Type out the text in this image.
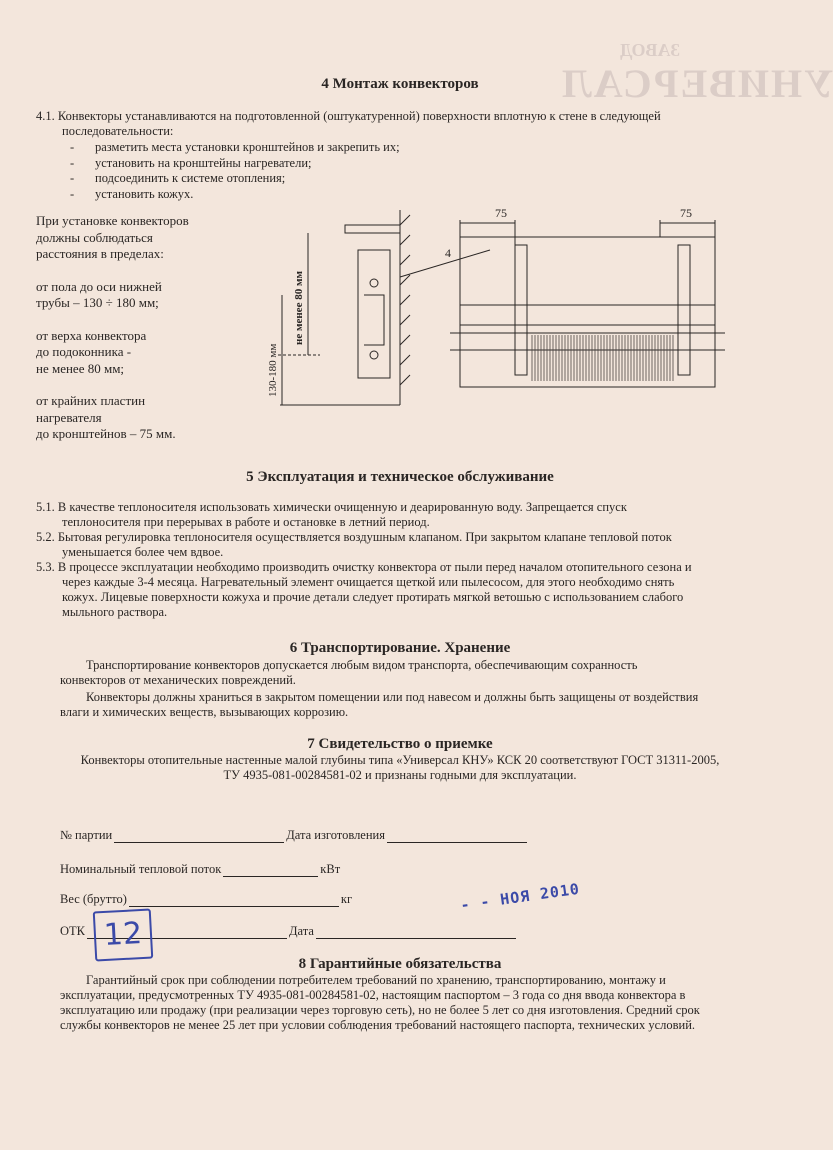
ЗАВОД
УНИВЕРСАЛ
4 Монтаж конвекторов
4.1. Конвекторы устанавливаются на подготовленной (оштукатуренной) поверхности вплотную к стене в следующей
последовательности:
-	разметить места установки кронштейнов и закрепить их;
-	установить на кронштейны нагреватели;
-	подсоединить к системе отопления;
-	установить кожух.
При установке конвекторов
должны соблюдаться
расстояния в пределах:
от пола до оси нижней
трубы – 130 ÷ 180 мм;
от верха конвектора
до подоконника -
не менее 80 мм;
от крайних пластин
нагревателя
до кронштейнов – 75 мм.
75	75
4
130-180 мм
не менее 80 мм
5 Эксплуатация и техническое обслуживание
5.1. В качестве теплоносителя использовать химически очищенную и деарированную воду. Запрещается спуск
теплоносителя при перерывах в работе и остановке в летний период.
5.2. Бытовая регулировка теплоносителя осуществляется воздушным клапаном. При закрытом клапане тепловой поток
уменьшается более чем вдвое.
5.3. В процессе эксплуатации необходимо производить очистку конвектора от пыли перед началом отопительного сезона и
через каждые 3-4 месяца. Нагревательный элемент очищается щеткой или пылесосом, для этого необходимо снять
кожух. Лицевые поверхности кожуха и прочие детали следует протирать мягкой ветошью с использованием слабого
мыльного раствора.
6 Транспортирование. Хранение
Транспортирование конвекторов допускается любым видом транспорта, обеспечивающим сохранность
конвекторов от механических повреждений.
Конвекторы должны храниться в закрытом помещении или под навесом и должны быть защищены от воздействия
влаги и химических веществ, вызывающих коррозию.
7 Свидетельство о приемке
Конвекторы отопительные настенные малой глубины типа «Универсал КНУ» КСК 20 соответствуют ГОСТ 31311-2005,
ТУ 4935-081-00284581-02 и признаны годными для эксплуатации.
№ партии	Дата изготовления
Номинальный тепловой поток	кВт
Вес (брутто)	кг
ОТК	Дата
- - НОЯ 2010
12
8 Гарантийные обязательства
Гарантийный срок при соблюдении потребителем требований по хранению, транспортированию, монтажу и
эксплуатации, предусмотренных ТУ 4935-081-00284581-02, настоящим паспортом – 3 года со дня ввода конвектора в
эксплуатацию или продажу (при реализации через торговую сеть), но не более 5 лет со дня изготовления. Средний срок
службы конвекторов не менее 25 лет при условии соблюдения требований настоящего паспорта, технических условий.
